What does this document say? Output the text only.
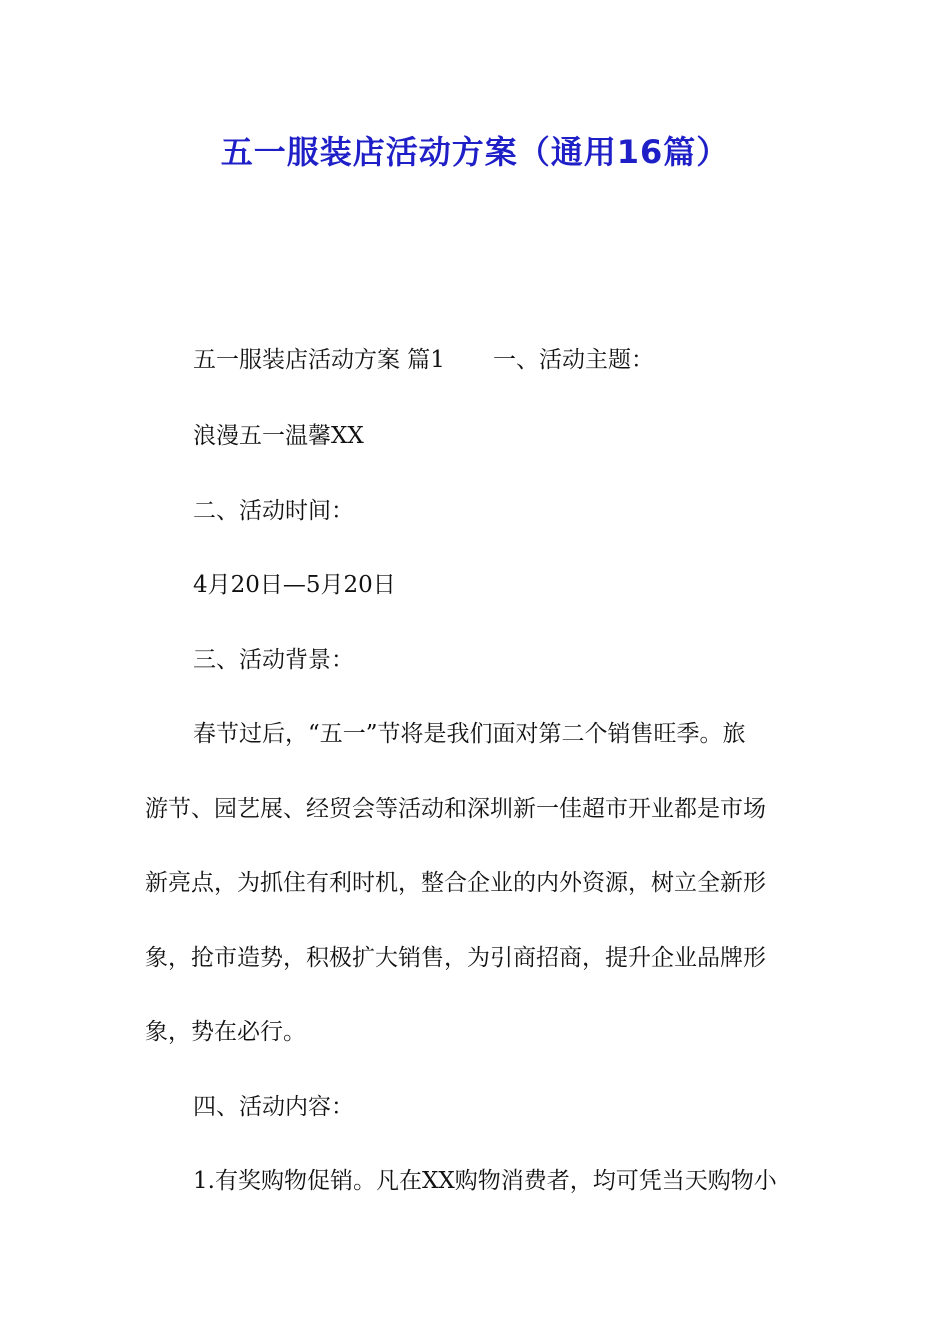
五一服装店活动方案（通用16篇）
五一服装店活动方案 篇1 一、活动主题：
浪漫五一温馨XX
二、活动时间：
4月20日—5月20日
三、活动背景：
春节过后，“五一”节将是我们面对第二个销售旺季。旅
游节、园艺展、经贸会等活动和深圳新一佳超市开业都是市场
新亮点，为抓住有利时机，整合企业的内外资源，树立全新形
象，抢市造势，积极扩大销售，为引商招商，提升企业品牌形
象，势在必行。
四、活动内容：
1.有奖购物促销。凡在XX购物消费者，均可凭当天购物小
